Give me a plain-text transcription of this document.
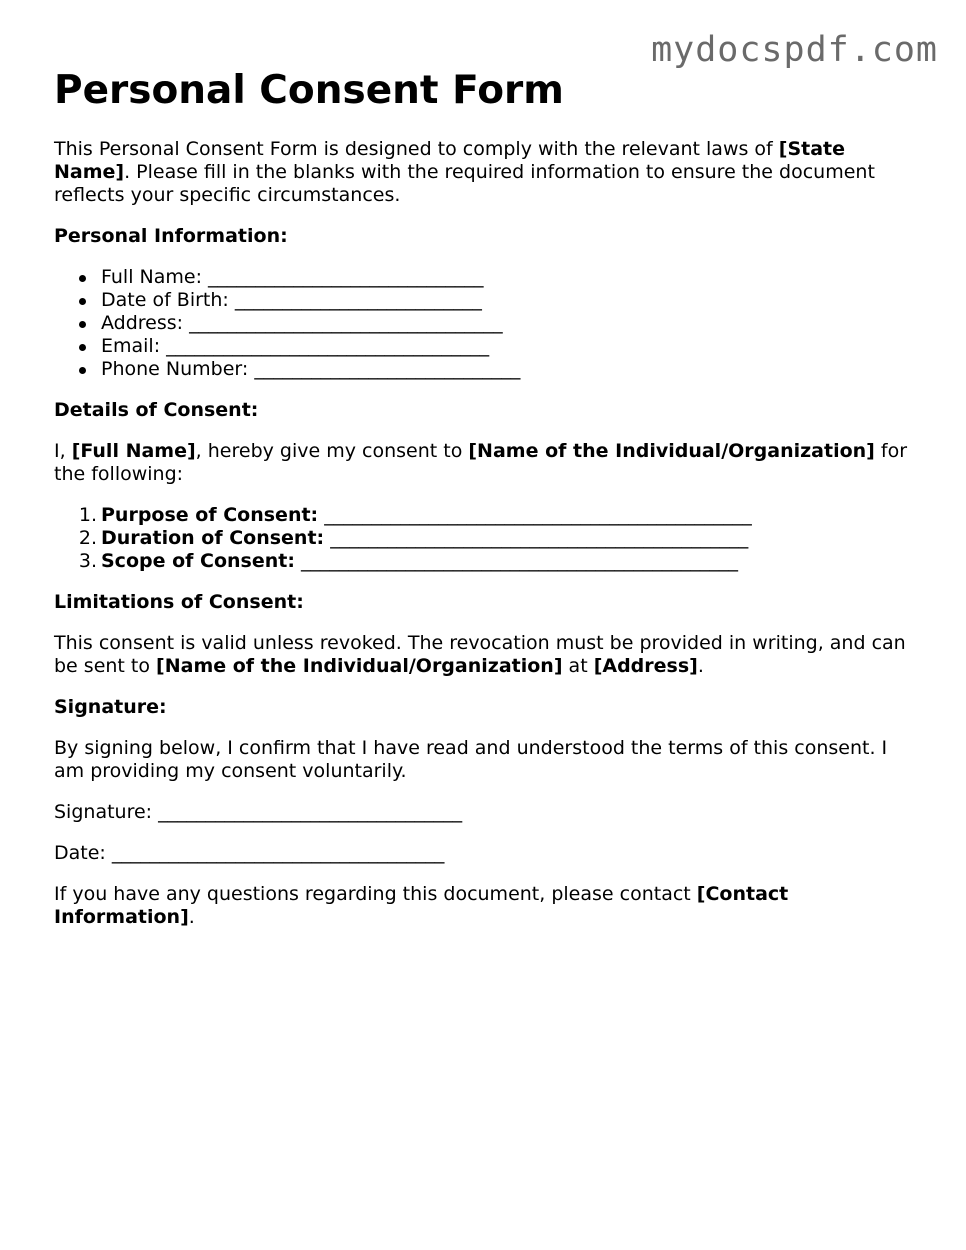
mydocspdf.com
Personal Consent Form

This Personal Consent Form is designed to comply with the relevant laws of [State Name]. Please fill in the blanks with the required information to ensure the document reflects your specific circumstances.

Personal Information:
Full Name: _____________________________
Date of Birth: __________________________
Address: _________________________________
Email: __________________________________
Phone Number: ____________________________
Details of Consent:

I, [Full Name], hereby give my consent to [Name of the Individual/Organization] for the following:

1. Purpose of Consent: _____________________________________________
2. Duration of Consent: ____________________________________________
3. Scope of Consent: ______________________________________________
Limitations of Consent:

This consent is valid unless revoked. The revocation must be provided in writing, and can be sent to [Name of the Individual/Organization] at [Address].

Signature:

By signing below, I confirm that I have read and understood the terms of this consent. I am providing my consent voluntarily.

Signature: ________________________________

Date: ___________________________________

If you have any questions regarding this document, please contact [Contact Information].
